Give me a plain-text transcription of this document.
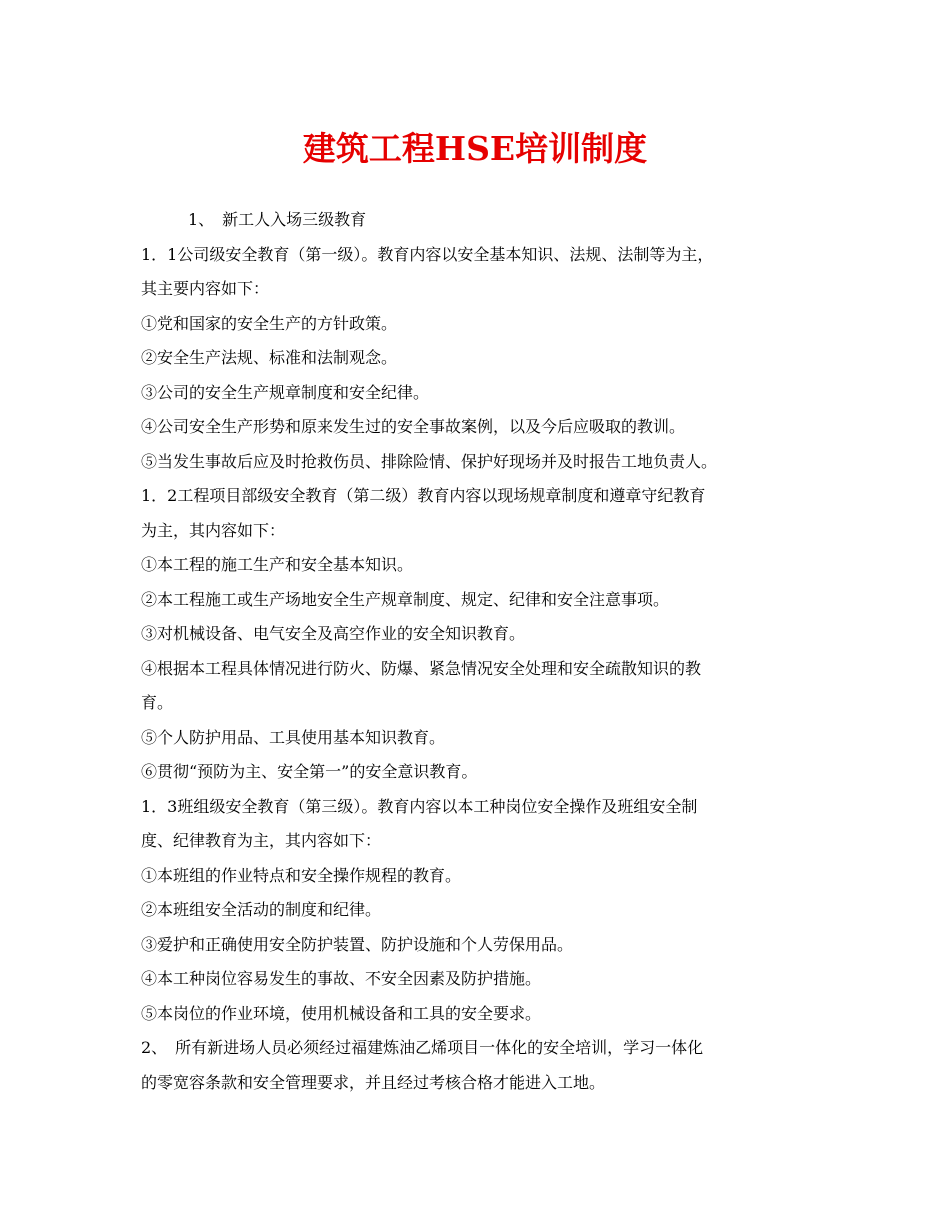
建筑工程HSE培训制度
1、　新工人入场三级教育
1．1公司级安全教育（第一级）。教育内容以安全基本知识、法规、法制等为主，
其主要内容如下：
①党和国家的安全生产的方针政策。
②安全生产法规、标准和法制观念。
③公司的安全生产规章制度和安全纪律。
④公司安全生产形势和原来发生过的安全事故案例，以及今后应吸取的教训。
⑤当发生事故后应及时抢救伤员、排除险情、保护好现场并及时报告工地负责人。
1．2工程项目部级安全教育（第二级）教育内容以现场规章制度和遵章守纪教育
为主，其内容如下：
①本工程的施工生产和安全基本知识。
②本工程施工或生产场地安全生产规章制度、规定、纪律和安全注意事项。
③对机械设备、电气安全及高空作业的安全知识教育。
④根据本工程具体情况进行防火、防爆、紧急情况安全处理和安全疏散知识的教
育。
⑤个人防护用品、工具使用基本知识教育。
⑥贯彻“预防为主、安全第一”的安全意识教育。
1．3班组级安全教育（第三级）。教育内容以本工种岗位安全操作及班组安全制
度、纪律教育为主，其内容如下：
①本班组的作业特点和安全操作规程的教育。
②本班组安全活动的制度和纪律。
③爱护和正确使用安全防护装置、防护设施和个人劳保用品。
④本工种岗位容易发生的事故、不安全因素及防护措施。
⑤本岗位的作业环境，使用机械设备和工具的安全要求。
2、　所有新进场人员必须经过福建炼油乙烯项目一体化的安全培训，学习一体化
的零宽容条款和安全管理要求，并且经过考核合格才能进入工地。
